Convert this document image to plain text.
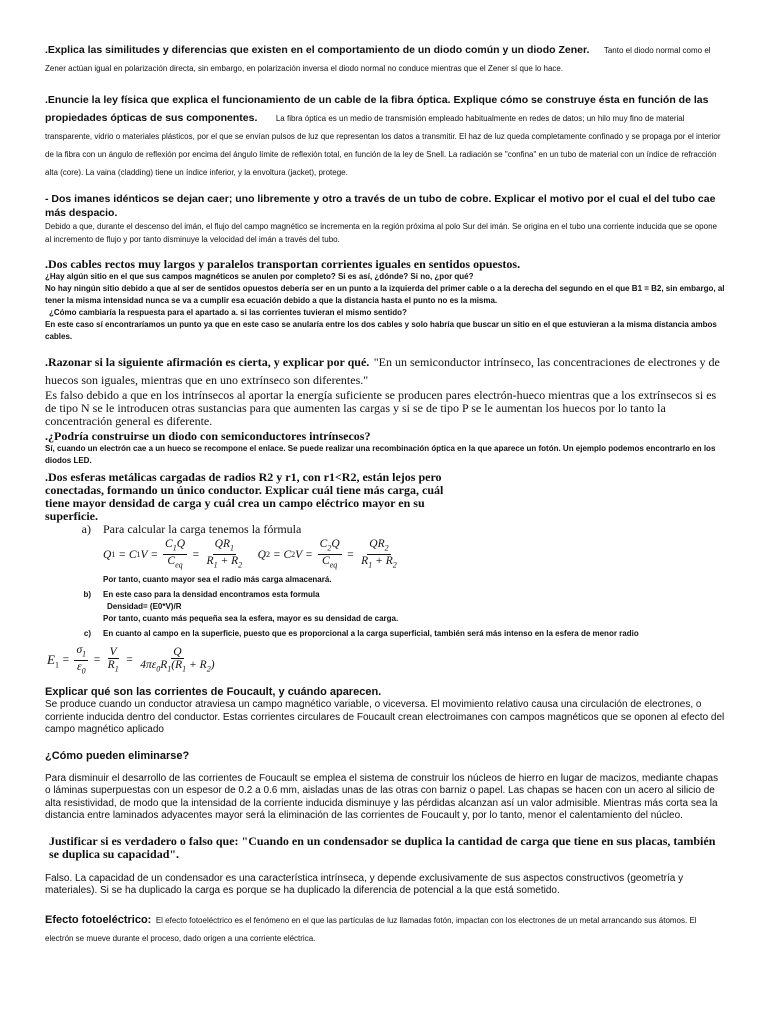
.Explica las similitudes y diferencias que existen en el comportamiento de un diodo común y un diodo Zener. Tanto el diodo normal como el Zener actúan igual en polarización directa, sin embargo, en polarización inversa el diodo normal no conduce mientras que el Zener sí que lo hace.

.Enuncie la ley física que explica el funcionamiento de un cable de la fibra óptica. Explique cómo se construye ésta en función de las propiedades ópticas de sus componentes. La fibra óptica es un medio de transmisión empleado habitualmente en redes de datos; un hilo muy fino de material transparente, vidrio o materiales plásticos, por el que se envían pulsos de luz que representan los datos a transmitir. El haz de luz queda completamente confinado y se propaga por el interior de la fibra con un ángulo de reflexión por encima del ángulo límite de reflexión total, en función de la ley de Snell. La radiación se "confina" en un tubo de material con un índice de refracción alta (core). La vaina (cladding) tiene un índice inferior, y la envoltura (jacket), protege.

- Dos imanes idénticos se dejan caer; uno libremente y otro a través de un tubo de cobre. Explicar el motivo por el cual el del tubo cae más despacio.
Debido a que, durante el descenso del imán, el flujo del campo magnético se incrementa en la región próxima al polo Sur del imán. Se origina en el tubo una corriente inducida que se opone al incremento de flujo y por tanto disminuye la velocidad del imán a través del tubo.
.Dos cables rectos muy largos y paralelos transportan corrientes iguales en sentidos opuestos.
¿Hay algún sitio en el que sus campos magnéticos se anulen por completo? Si es así, ¿dónde? Si no, ¿por qué?
No hay ningún sitio debido a que al ser de sentidos opuestos debería ser en un punto a la izquierda del primer cable o a la derecha del segundo en el que B1 = B2, sin embargo, al tener la misma intensidad nunca se va a cumplir esa ecuación debido a que la distancia hasta el punto no es la misma.
¿Cómo cambiaría la respuesta para el apartado a. si las corrientes tuvieran el mismo sentido?
En este caso sí encontraríamos un punto ya que en este caso se anularía entre los dos cables y solo habría que buscar un sitio en el que estuvieran a la misma distancia ambos cables.
.Razonar si la siguiente afirmación es cierta, y explicar por qué. "En un semiconductor intrínseco, las concentraciones de electrones y de huecos son iguales, mientras que en uno extrínseco son diferentes."
Es falso debido a que en los intrínsecos al aportar la energía suficiente se producen pares electrón-hueco mientras que a los extrínsecos si es de tipo N se le introducen otras sustancias para que aumenten las cargas y si se de tipo P se le aumentan los huecos por lo tanto la concentración general es diferente.
.¿Podría construirse un diodo con semiconductores intrínsecos?
Sí, cuando un electrón cae a un hueco se recompone el enlace. Se puede realizar una recombinación óptica en la que aparece un fotón. Un ejemplo podemos encontrarlo en los diodos LED.
.Dos esferas metálicas cargadas de radios R2 y r1, con r1<R2, están lejos pero conectadas, formando un único conductor. Explicar cuál tiene más carga, cuál tiene mayor densidad de carga y cuál crea un campo eléctrico mayor en su superficie.
a)	Para calcular la carga tenemos la fórmula
Q 1 = C 1 $V = \frac{C_1Q}{C_{eq}} = \frac{QR_1}{R_1 + R_2}$ Q 2 = C 2 $V = \frac{C_2Q}{C_{eq}} = \frac{QR_2}{R_1 + R_2}$
Por tanto, cuanto mayor sea el radio más carga almacenará.
b)	En este caso para la densidad encontramos esta formula
Densidad= (E0*V)/R
Por tanto, cuanto más pequeña sea la esfera, mayor es su densidad de carga.
c)	En cuanto al campo en la superficie, puesto que es proporcional a la carga superficial, también será más intenso en la esfera de menor radio
$E_1 = \frac{\sigma_1}{\varepsilon_0} = \frac{V}{R_1} = \frac{Q}{4\pi\varepsilon_0R_1(R_1 + R_2)}$
Explicar qué son las corrientes de Foucault, y cuándo aparecen.
Se produce cuando un conductor atraviesa un campo magnético variable, o viceversa. El movimiento relativo causa una circulación de electrones, o corriente inducida dentro del conductor. Estas corrientes circulares de Foucault crean electroimanes con campos magnéticos que se oponen al efecto del campo magnético aplicado
¿Cómo pueden eliminarse?
Para disminuir el desarrollo de las corrientes de Foucault se emplea el sistema de construir los núcleos de hierro en lugar de macizos, mediante chapas o láminas superpuestas con un espesor de 0.2 a 0.6 mm, aisladas unas de las otras con barniz o papel. Las chapas se hacen con un acero al silicio de alta resistividad, de modo que la intensidad de la corriente inducida disminuye y las pérdidas alcanzan así un valor admisible. Mientras más corta sea la distancia entre laminados adyacentes mayor será la eliminación de las corrientes de Foucault y, por lo tanto, menor el calentamiento del núcleo.
Justificar si es verdadero o falso que: "Cuando en un condensador se duplica la cantidad de carga que tiene en sus placas, también se duplica su capacidad".
Falso. La capacidad de un condensador es una característica intrínseca, y depende exclusivamente de sus aspectos constructivos (geometría y materiales). Si se ha duplicado la carga es porque se ha duplicado la diferencia de potencial a la que está sometido.

Efecto fotoeléctrico: El efecto fotoeléctrico es el fenómeno en el que las partículas de luz llamadas fotón, impactan con los electrones de un metal arrancando sus átomos. El electrón se mueve durante el proceso, dado origen a una corriente eléctrica.
